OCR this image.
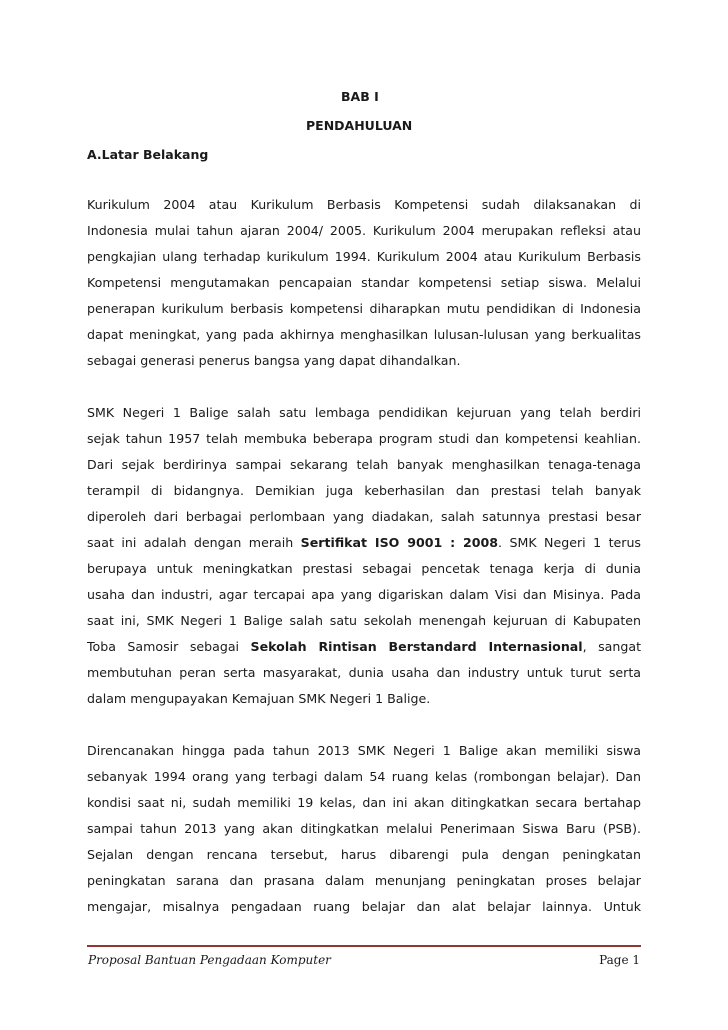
BAB I
PENDAHULUAN
A.Latar Belakang
Kurikulum 2004 atau Kurikulum Berbasis Kompetensi sudah dilaksanakan di
Indonesia mulai tahun ajaran 2004/ 2005. Kurikulum 2004 merupakan refleksi atau
pengkajian ulang terhadap kurikulum 1994. Kurikulum 2004 atau Kurikulum Berbasis
Kompetensi mengutamakan pencapaian standar kompetensi setiap siswa. Melalui
penerapan kurikulum berbasis kompetensi diharapkan mutu pendidikan di Indonesia
dapat meningkat, yang pada akhirnya menghasilkan lulusan-lulusan yang berkualitas
sebagai generasi penerus bangsa yang dapat dihandalkan.
SMK Negeri 1 Balige salah satu lembaga pendidikan kejuruan yang telah berdiri
sejak tahun 1957 telah membuka beberapa program studi dan kompetensi keahlian.
Dari sejak berdirinya sampai sekarang telah banyak menghasilkan tenaga-tenaga
terampil di bidangnya. Demikian juga keberhasilan dan prestasi telah banyak
diperoleh dari berbagai perlombaan yang diadakan, salah satunnya prestasi besar
saat ini adalah dengan meraih Sertifikat ISO 9001 : 2008. SMK Negeri 1 terus
berupaya untuk meningkatkan prestasi sebagai pencetak tenaga kerja di dunia
usaha dan industri, agar tercapai apa yang digariskan dalam Visi dan Misinya. Pada
saat ini, SMK Negeri 1 Balige salah satu sekolah menengah kejuruan di Kabupaten
Toba Samosir sebagai Sekolah Rintisan Berstandard Internasional, sangat
membutuhan peran serta masyarakat, dunia usaha dan industry untuk turut serta
dalam mengupayakan Kemajuan SMK Negeri 1 Balige.
Direncanakan hingga pada tahun 2013 SMK Negeri 1 Balige akan memiliki siswa
sebanyak 1994 orang yang terbagi dalam 54 ruang kelas (rombongan belajar). Dan
kondisi saat ni, sudah memiliki 19 kelas, dan ini akan ditingkatkan secara bertahap
sampai tahun 2013 yang akan ditingkatkan melalui Penerimaan Siswa Baru (PSB).
Sejalan dengan rencana tersebut, harus dibarengi pula dengan peningkatan
peningkatan sarana dan prasana dalam menunjang peningkatan proses belajar
mengajar, misalnya pengadaan ruang belajar dan alat belajar lainnya. Untuk
Proposal Bantuan Pengadaan Komputer	Page 1
